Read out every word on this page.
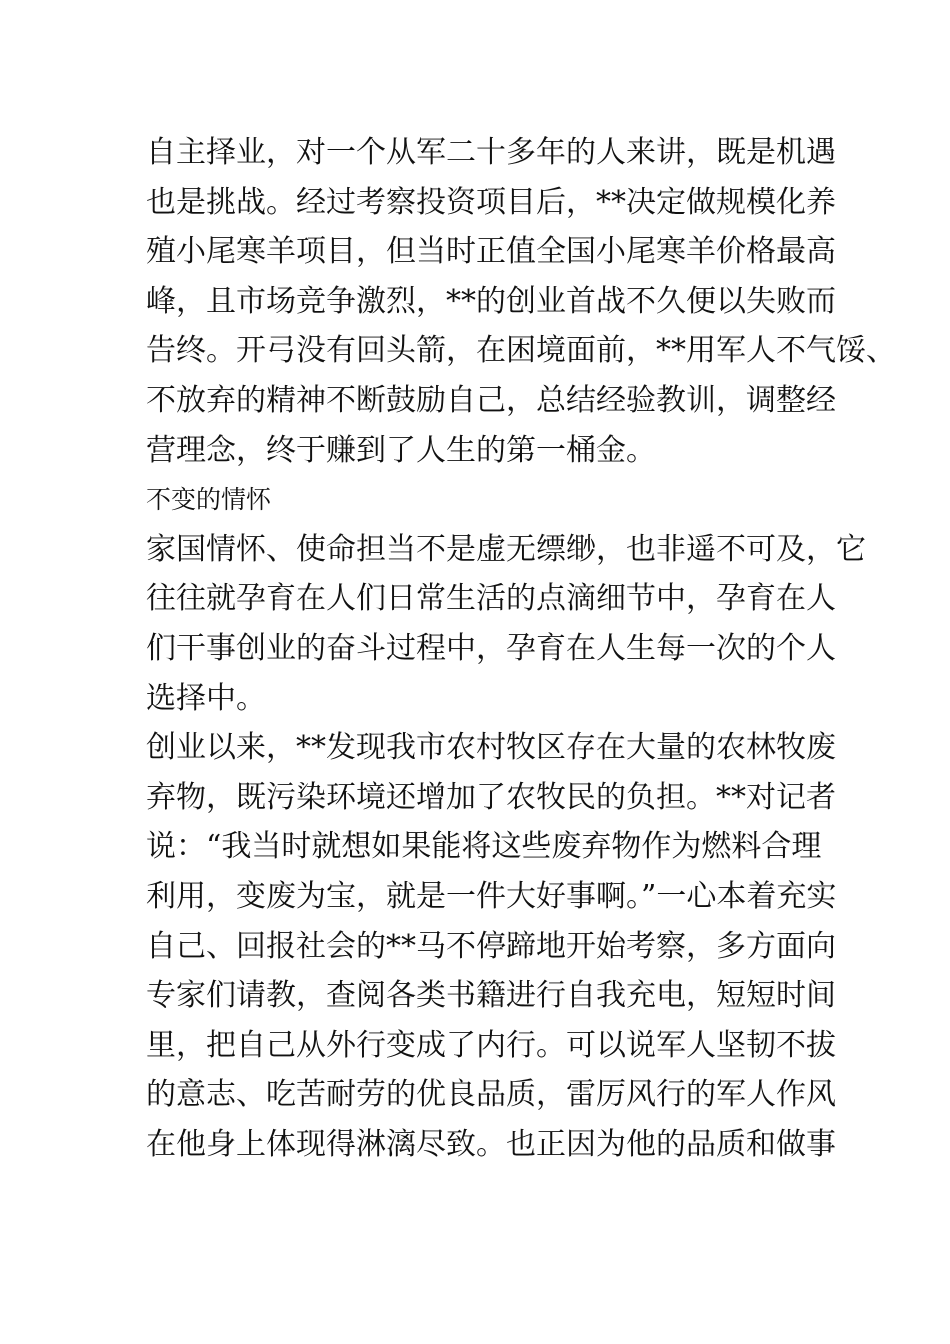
自主择业，对一个从军二十多年的人来讲，既是机遇
也是挑战。经过考察投资项目后，**决定做规模化养
殖小尾寒羊项目，但当时正值全国小尾寒羊价格最高
峰，且市场竞争激烈，**的创业首战不久便以失败而
告终。开弓没有回头箭，在困境面前，**用军人不气馁、
不放弃的精神不断鼓励自己，总结经验教训，调整经
营理念，终于赚到了人生的第一桶金。
不变的情怀
家国情怀、使命担当不是虚无缥缈，也非遥不可及，它
往往就孕育在人们日常生活的点滴细节中，孕育在人
们干事创业的奋斗过程中，孕育在人生每一次的个人
选择中。
创业以来，**发现我市农村牧区存在大量的农林牧废
弃物，既污染环境还增加了农牧民的负担。**对记者
说：“我当时就想如果能将这些废弃物作为燃料合理
利用，变废为宝，就是一件大好事啊。”一心本着充实
自己、回报社会的**马不停蹄地开始考察，多方面向
专家们请教，查阅各类书籍进行自我充电，短短时间
里，把自己从外行变成了内行。可以说军人坚韧不拔
的意志、吃苦耐劳的优良品质，雷厉风行的军人作风
在他身上体现得淋漓尽致。也正因为他的品质和做事
